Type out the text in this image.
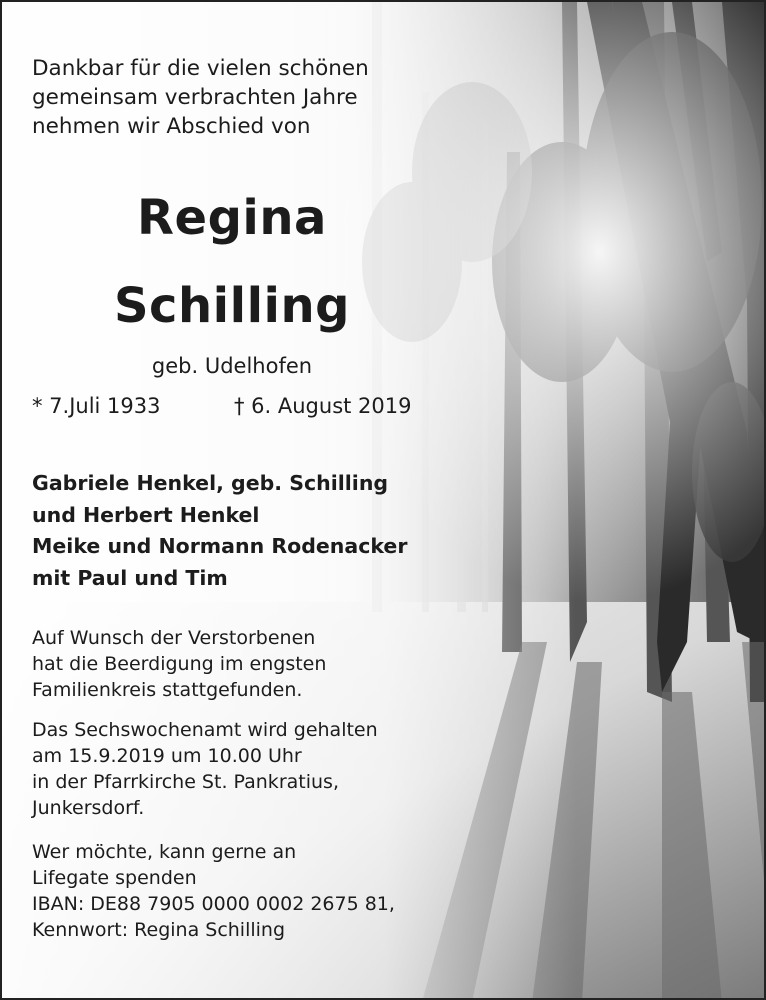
Dankbar für die vielen schönen
gemeinsam verbrachten Jahre
nehmen wir Abschied von
Regina
Schilling
geb. Udelhofen
* 7.Juli 1933	† 6. August 2019
Gabriele Henkel, geb. Schilling
und Herbert Henkel
Meike und Normann Rodenacker
mit Paul und Tim
Auf Wunsch der Verstorbenen
hat die Beerdigung im engsten
Familienkreis stattgefunden.
Das Sechswochenamt wird gehalten
am 15.9.2019 um 10.00 Uhr
in der Pfarrkirche St. Pankratius,
Junkersdorf.
Wer möchte, kann gerne an
Lifegate spenden
IBAN: DE88 7905 0000 0002 2675 81,
Kennwort: Regina Schilling
